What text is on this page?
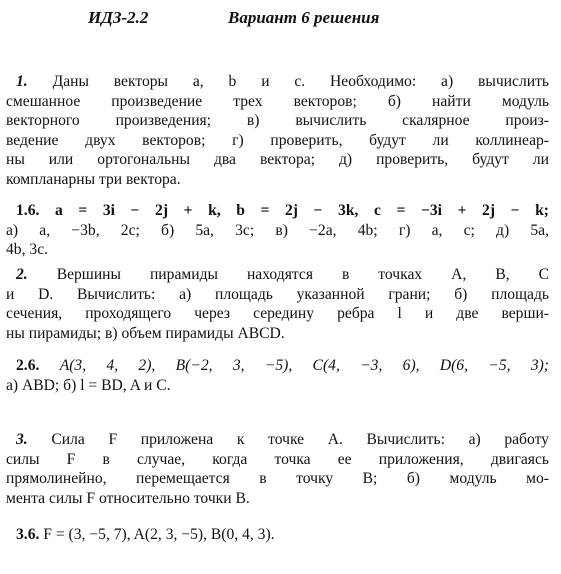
ИДЗ-2.2	Вариант 6 решения
1. Даны векторы a, b и c. Необходимо: а) вычислить
смешанное произведение трех векторов; б) найти модуль
векторного произведения; в) вычислить скалярное произ-
ведение двух векторов; г) проверить, будут ли коллинеар-
ны или ортогональны два вектора; д) проверить, будут ли
компланарны три вектора.
1.6. a = 3i − 2j + k, b = 2j − 3k, c = −3i + 2j − k;
а) a, −3b, 2c; б) 5a, 3c; в) −2a, 4b; г) a, c; д) 5a,
4b, 3c.
2. Вершины пирамиды находятся в точках A, B, C
и D. Вычислить: а) площадь указанной грани; б) площадь
сечения, проходящего через середину ребра l и две верши-
ны пирамиды; в) объем пирамиды ABCD.
2.6. A(3, 4, 2), B(−2, 3, −5), C(4, −3, 6), D(6, −5, 3);
а) ABD; б) l = BD, A и C.
3. Сила F приложена к точке A. Вычислить: а) работу
силы F в случае, когда точка ее приложения, двигаясь
прямолинейно, перемещается в точку B; б) модуль мо-
мента силы F относительно точки B.
3.6. F = (3, −5, 7), A(2, 3, −5), B(0, 4, 3).
